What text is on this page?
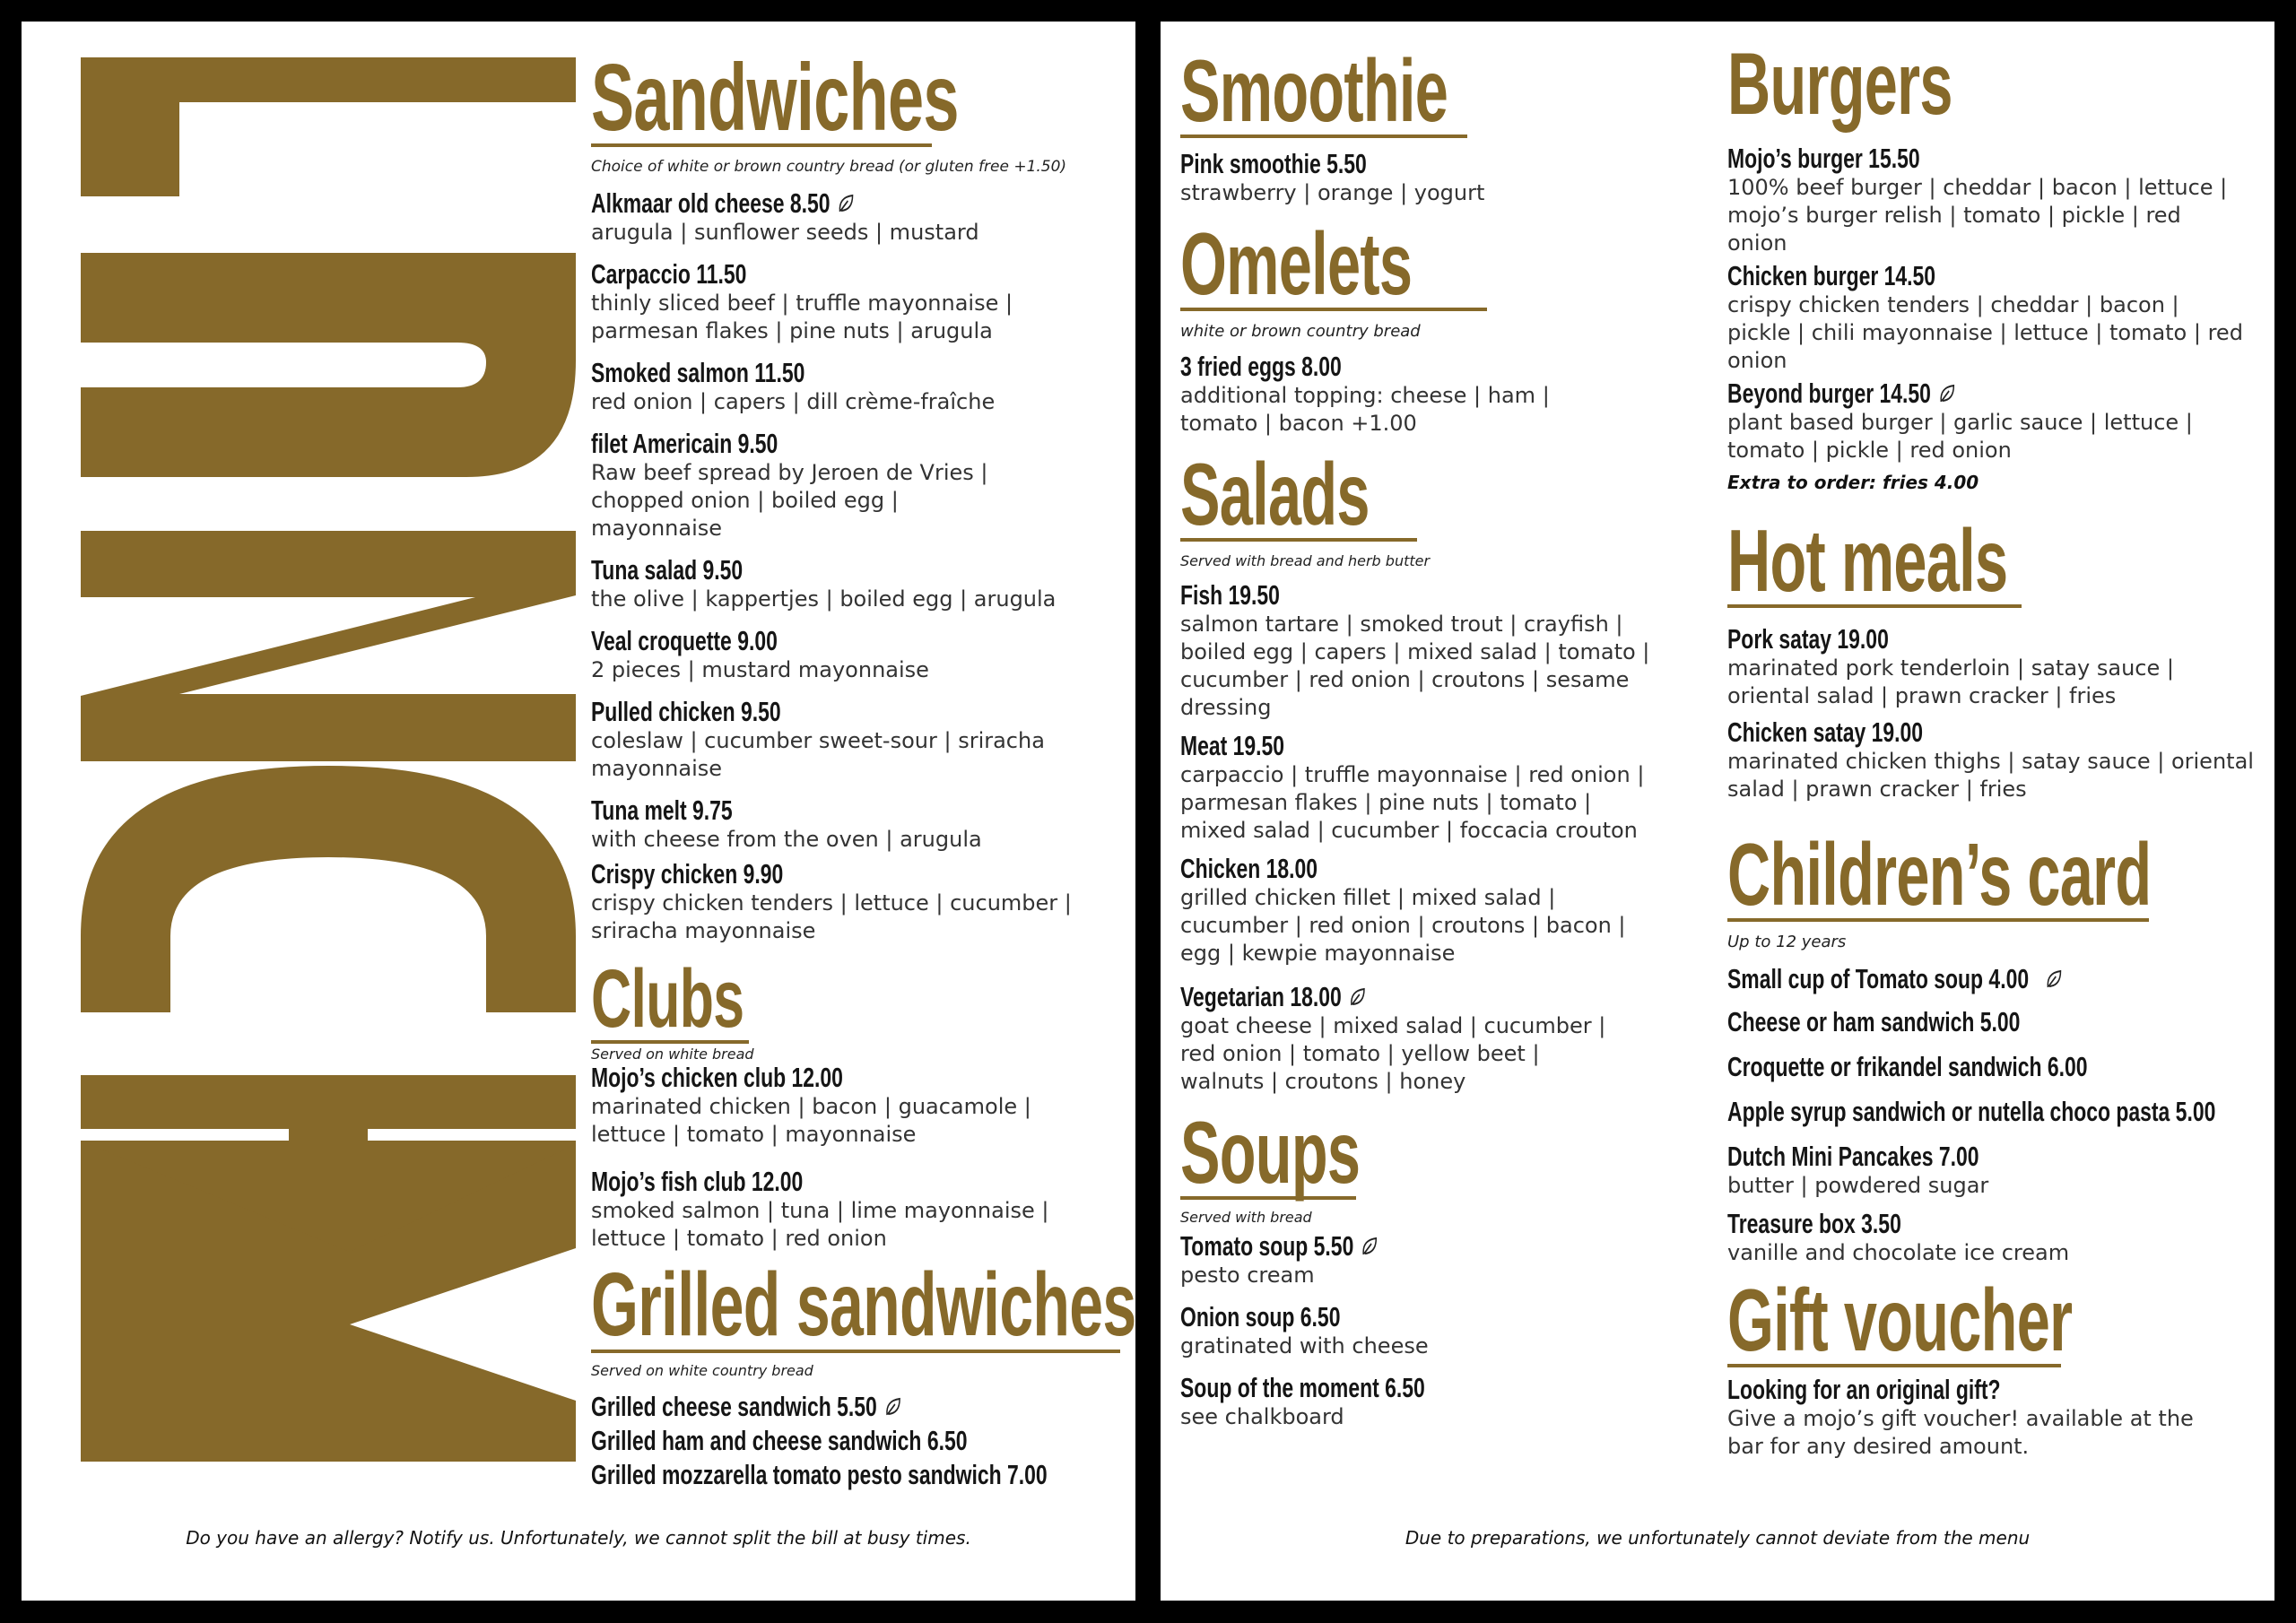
Sandwiches
Choice of white or brown country bread (or gluten free +1.50)
Alkmaar old cheese 8.50
arugula | sunflower seeds | mustard
Carpaccio 11.50
thinly sliced beef | truffle mayonnaise | parmesan flakes | pine nuts | arugula
Smoked salmon 11.50
red onion | capers | dill crème-fraîche
filet Americain 9.50
Raw beef spread by Jeroen de Vries | chopped onion | boiled egg | mayonnaise
Tuna salad 9.50
the olive | kappertjes | boiled egg | arugula
Veal croquette 9.00
2 pieces | mustard mayonnaise
Pulled chicken 9.50
coleslaw | cucumber sweet-sour | sriracha mayonnaise
Tuna melt 9.75
with cheese from the oven | arugula
Crispy chicken 9.90
crispy chicken tenders | lettuce | cucumber | sriracha mayonnaise
Clubs
Served on white bread
Mojo’s chicken club 12.00
marinated chicken | bacon | guacamole | lettuce | tomato | mayonnaise
Mojo’s fish club 12.00
smoked salmon | tuna | lime mayonnaise | lettuce | tomato | red onion
Grilled sandwiches
Served on white country bread
Grilled cheese sandwich 5.50
Grilled ham and cheese sandwich 6.50
Grilled mozzarella tomato pesto sandwich 7.00
Do you have an allergy? Notify us. Unfortunately, we cannot split the bill at busy times.
Smoothie
Pink smoothie 5.50
strawberry | orange | yogurt
Omelets
white or brown country bread
3 fried eggs 8.00
additional topping: cheese | ham | tomato | bacon +1.00
Salads
Served with bread and herb butter
Fish 19.50
salmon tartare | smoked trout | crayfish | boiled egg | capers | mixed salad | tomato | cucumber | red onion | croutons | sesame dressing
Meat 19.50
carpaccio | truffle mayonnaise | red onion | parmesan flakes | pine nuts | tomato | mixed salad | cucumber | foccacia crouton
Chicken 18.00
grilled chicken fillet | mixed salad | cucumber | red onion | croutons | bacon | egg | kewpie mayonnaise
Vegetarian 18.00
goat cheese | mixed salad | cucumber | red onion | tomato | yellow beet | walnuts | croutons | honey
Soups
Served with bread
Tomato soup 5.50
pesto cream
Onion soup 6.50
gratinated with cheese
Soup of the moment 6.50
see chalkboard
Burgers
Mojo’s burger 15.50
100% beef burger | cheddar | bacon | lettuce | mojo’s burger relish | tomato | pickle | red onion
Chicken burger 14.50
crispy chicken tenders | cheddar | bacon | pickle | chili mayonnaise | lettuce | tomato | red onion
Beyond burger 14.50
plant based burger | garlic sauce | lettuce | tomato | pickle | red onion
Extra to order: fries 4.00
Hot meals
Pork satay 19.00
marinated pork tenderloin | satay sauce | oriental salad | prawn cracker | fries
Chicken satay 19.00
marinated chicken thighs | satay sauce | oriental salad | prawn cracker | fries
Children’s card
Up to 12 years
Small cup of Tomato soup 4.00
Cheese or ham sandwich 5.00
Croquette or frikandel sandwich 6.00
Apple syrup sandwich or nutella choco pasta 5.00
Dutch Mini Pancakes 7.00
butter | powdered sugar
Treasure box 3.50
vanille and chocolate ice cream
Gift voucher
Looking for an original gift?
Give a mojo’s gift voucher! available at the bar for any desired amount.
Due to preparations, we unfortunately cannot deviate from the menu
